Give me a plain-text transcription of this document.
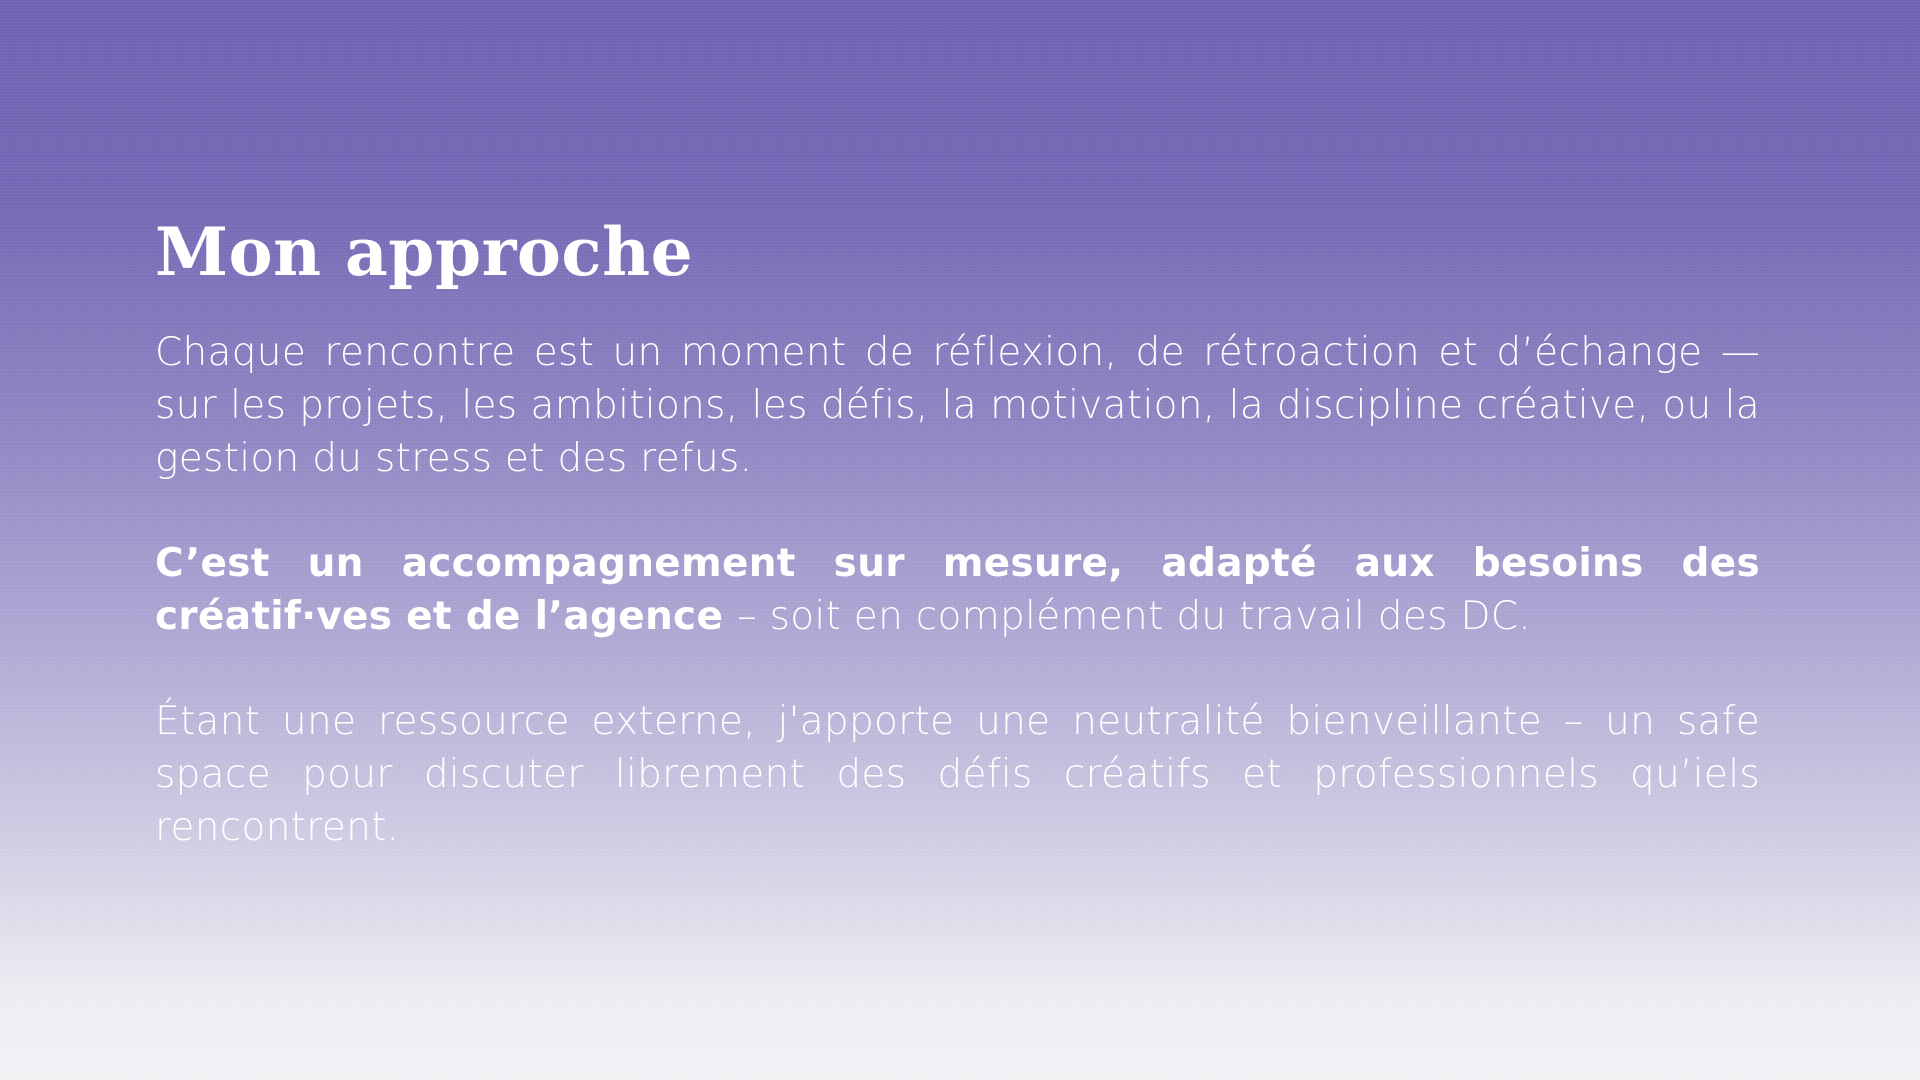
Mon approche

Chaque rencontre est un moment de réflexion, de rétroaction et d’échange — sur les projets, les ambitions, les défis, la motivation, la discipline créative, ou la gestion du stress et des refus.

C’est un accompagnement sur mesure, adapté aux besoins des créatif·ves et de l’agence – soit en complément du travail des DC.

Étant une ressource externe, j'apporte une neutralité bienveillante – un safe space pour discuter librement des défis créatifs et professionnels qu’iels rencontrent.
